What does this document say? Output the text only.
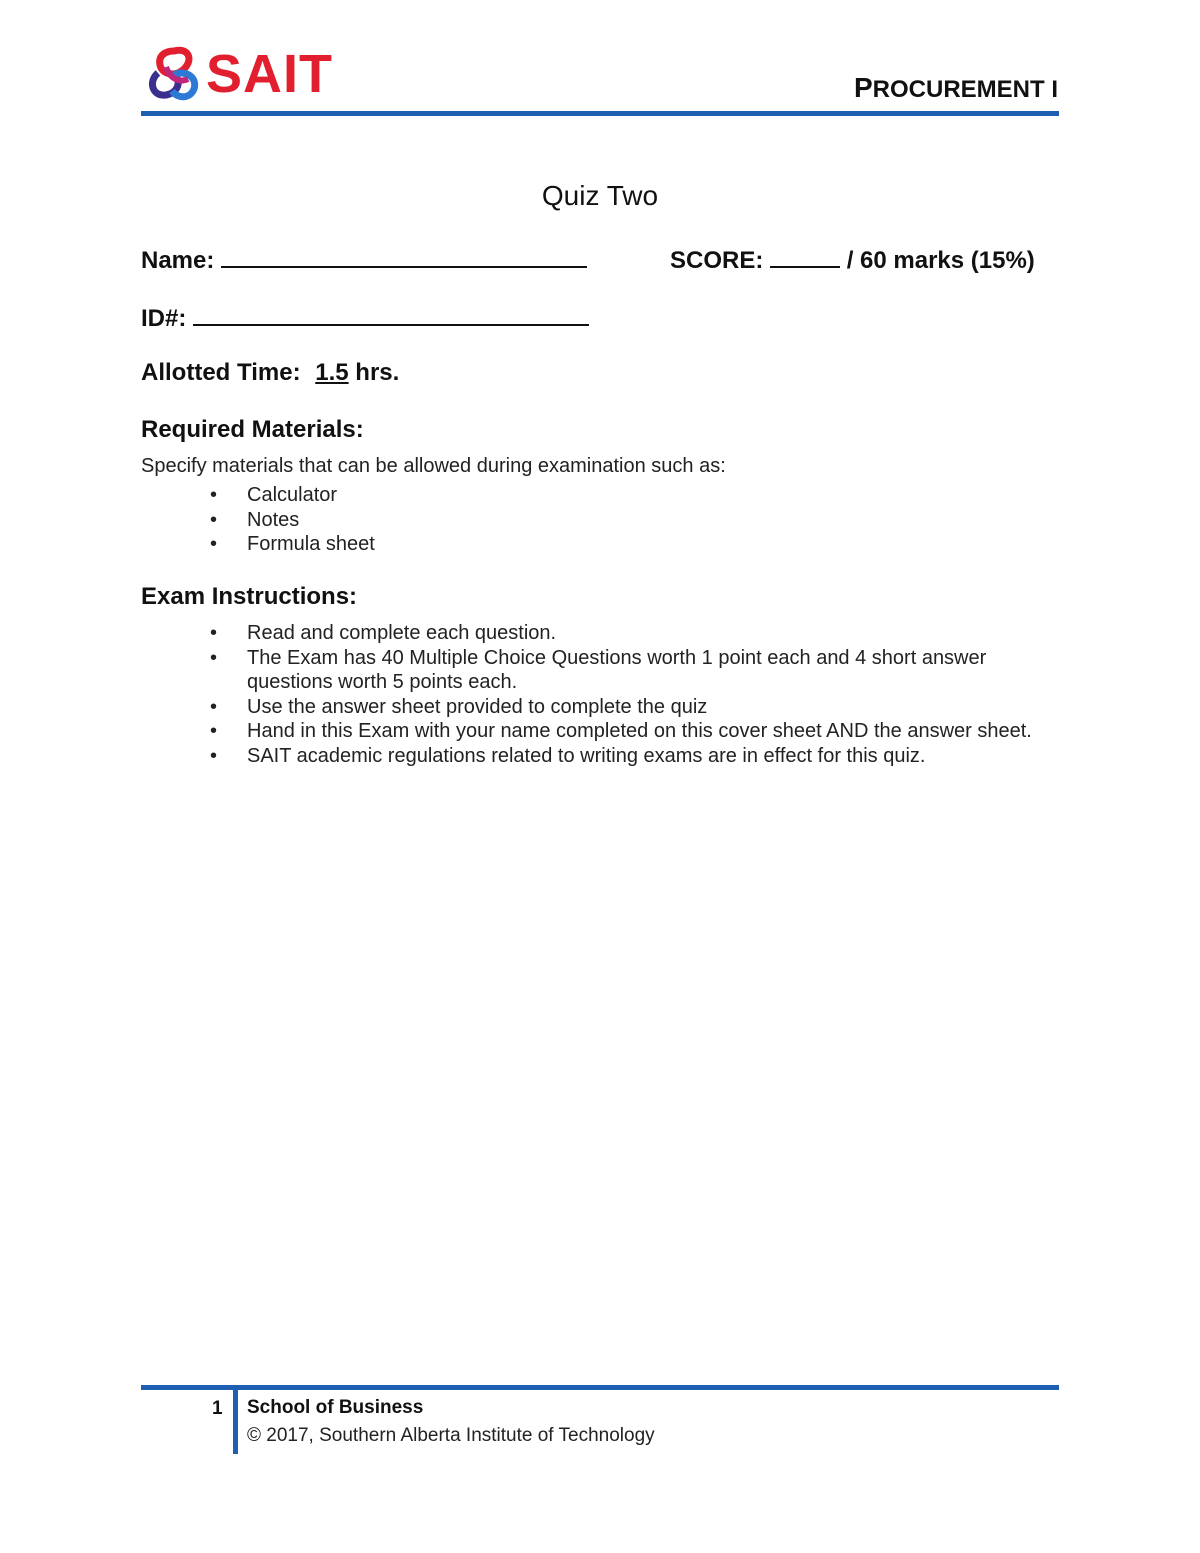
SAIT	PROCUREMENT I
Quiz Two
Name:	SCORE:	/ 60 marks (15%)
ID#:
Allotted Time: 1.5 hrs.
Required Materials:
Specify materials that can be allowed during examination such as:
• Calculator
• Notes
• Formula sheet
Exam Instructions:
• Read and complete each question.
• The Exam has 40 Multiple Choice Questions worth 1 point each and 4 short answer questions worth 5 points each.
• Use the answer sheet provided to complete the quiz
• Hand in this Exam with your name completed on this cover sheet AND the answer sheet.
• SAIT academic regulations related to writing exams are in effect for this quiz.
1 School of Business
© 2017, Southern Alberta Institute of Technology
